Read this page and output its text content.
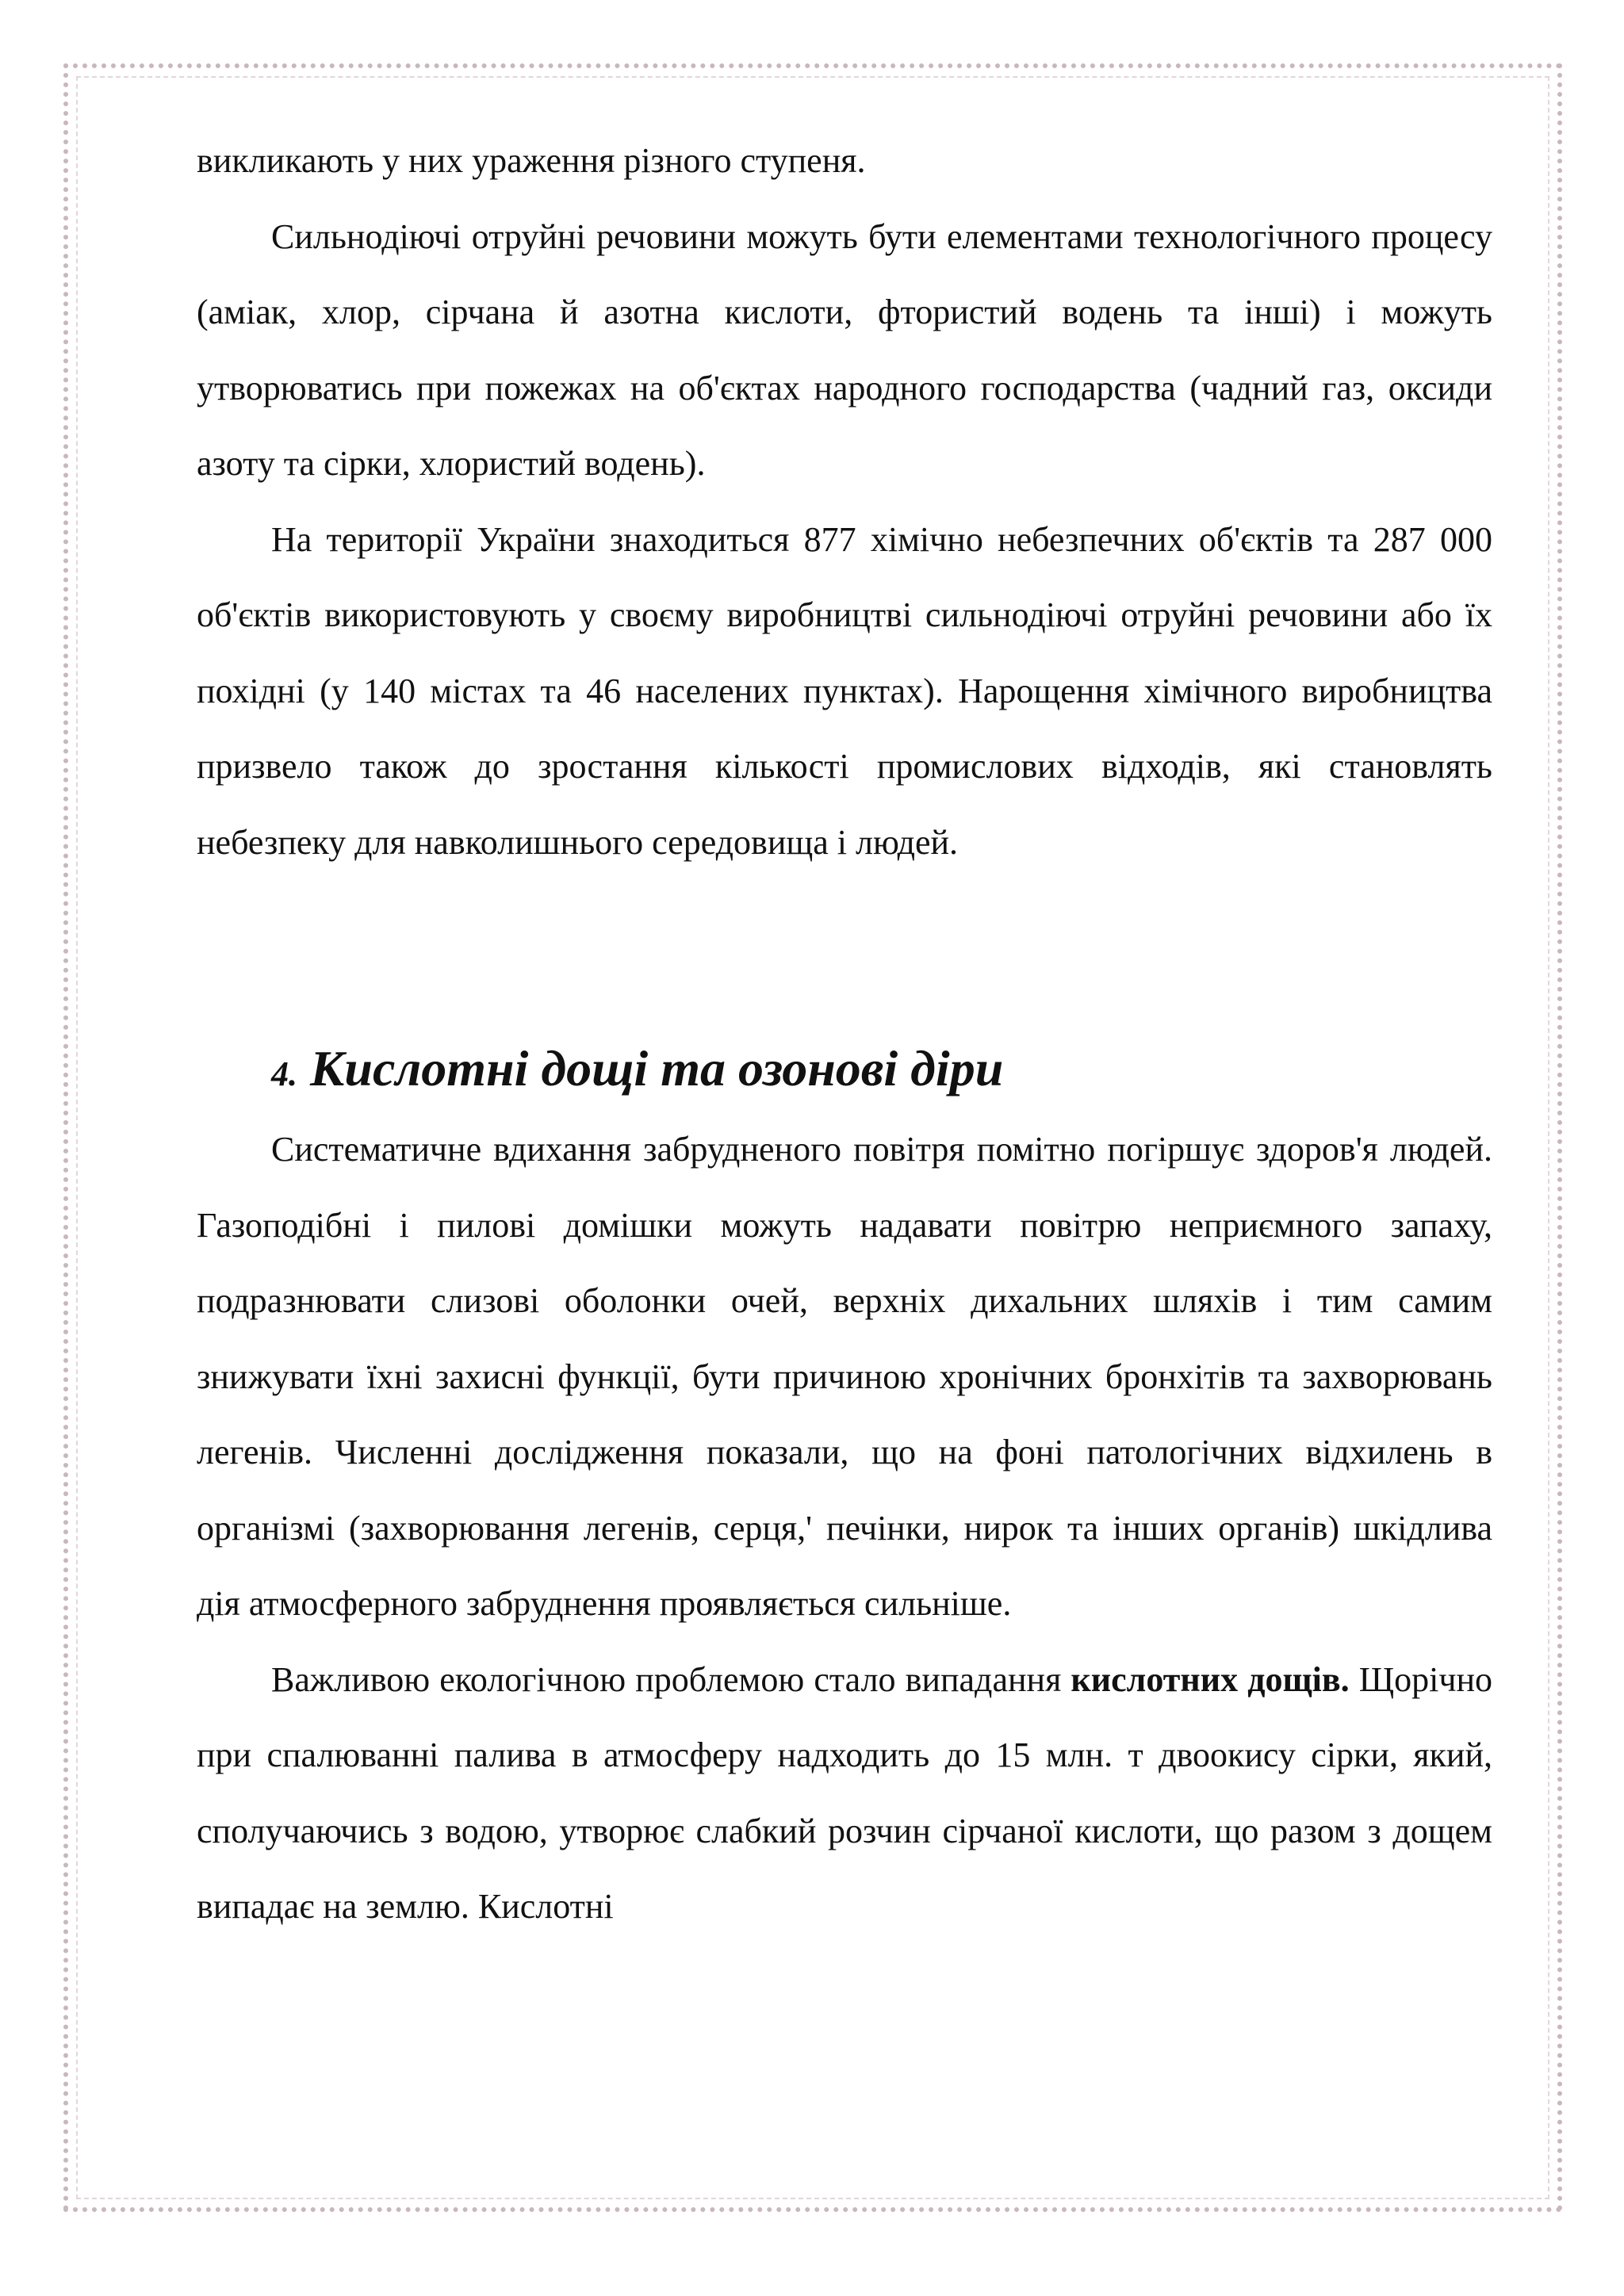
викликають у них ураження різного ступеня.

Сильнодіючі отруйні речовини можуть бути елементами технологічного процесу (аміак, хлор, сірчана й азотна кислоти, фтористий водень та інші) і можуть утворюватись при пожежах на об'єктах народного господарства (чадний газ, оксиди азоту та сірки, хлористий водень).

На території України знаходиться 877 хімічно небезпечних об'єктів та 287 000 об'єктів використовують у своєму виробництві сильнодіючі отруйні речовини або їх похідні (у 140 містах та 46 населених пунктах). Нарощення хімічного виробництва призвело також до зростання кількості промислових відходів, які становлять небезпеку для навколишнього середовища і людей.

4. Кислотні дощі та озонові діри

Систематичне вдихання забрудненого повітря помітно погіршує здоров'я людей. Газоподібні і пилові домішки можуть надавати повітрю неприємного запаху, подразнювати слизові оболонки очей, верхніх дихальних шляхів і тим самим знижувати їхні захисні функції, бути причиною хронічних бронхітів та захворювань легенів. Численні дослідження показали, що на фоні патологічних відхилень в організмі (захворювання легенів, серця,' печінки, нирок та інших органів) шкідлива дія атмосферного забруднення проявляється сильніше.

Важливою екологічною проблемою стало випадання кислотних дощів. Щорічно при спалюванні палива в атмосферу надходить до 15 млн. т двоокису сірки, який, сполучаючись з водою, утворює слабкий розчин сірчаної кислоти, що разом з дощем випадає на землю. Кислотні
